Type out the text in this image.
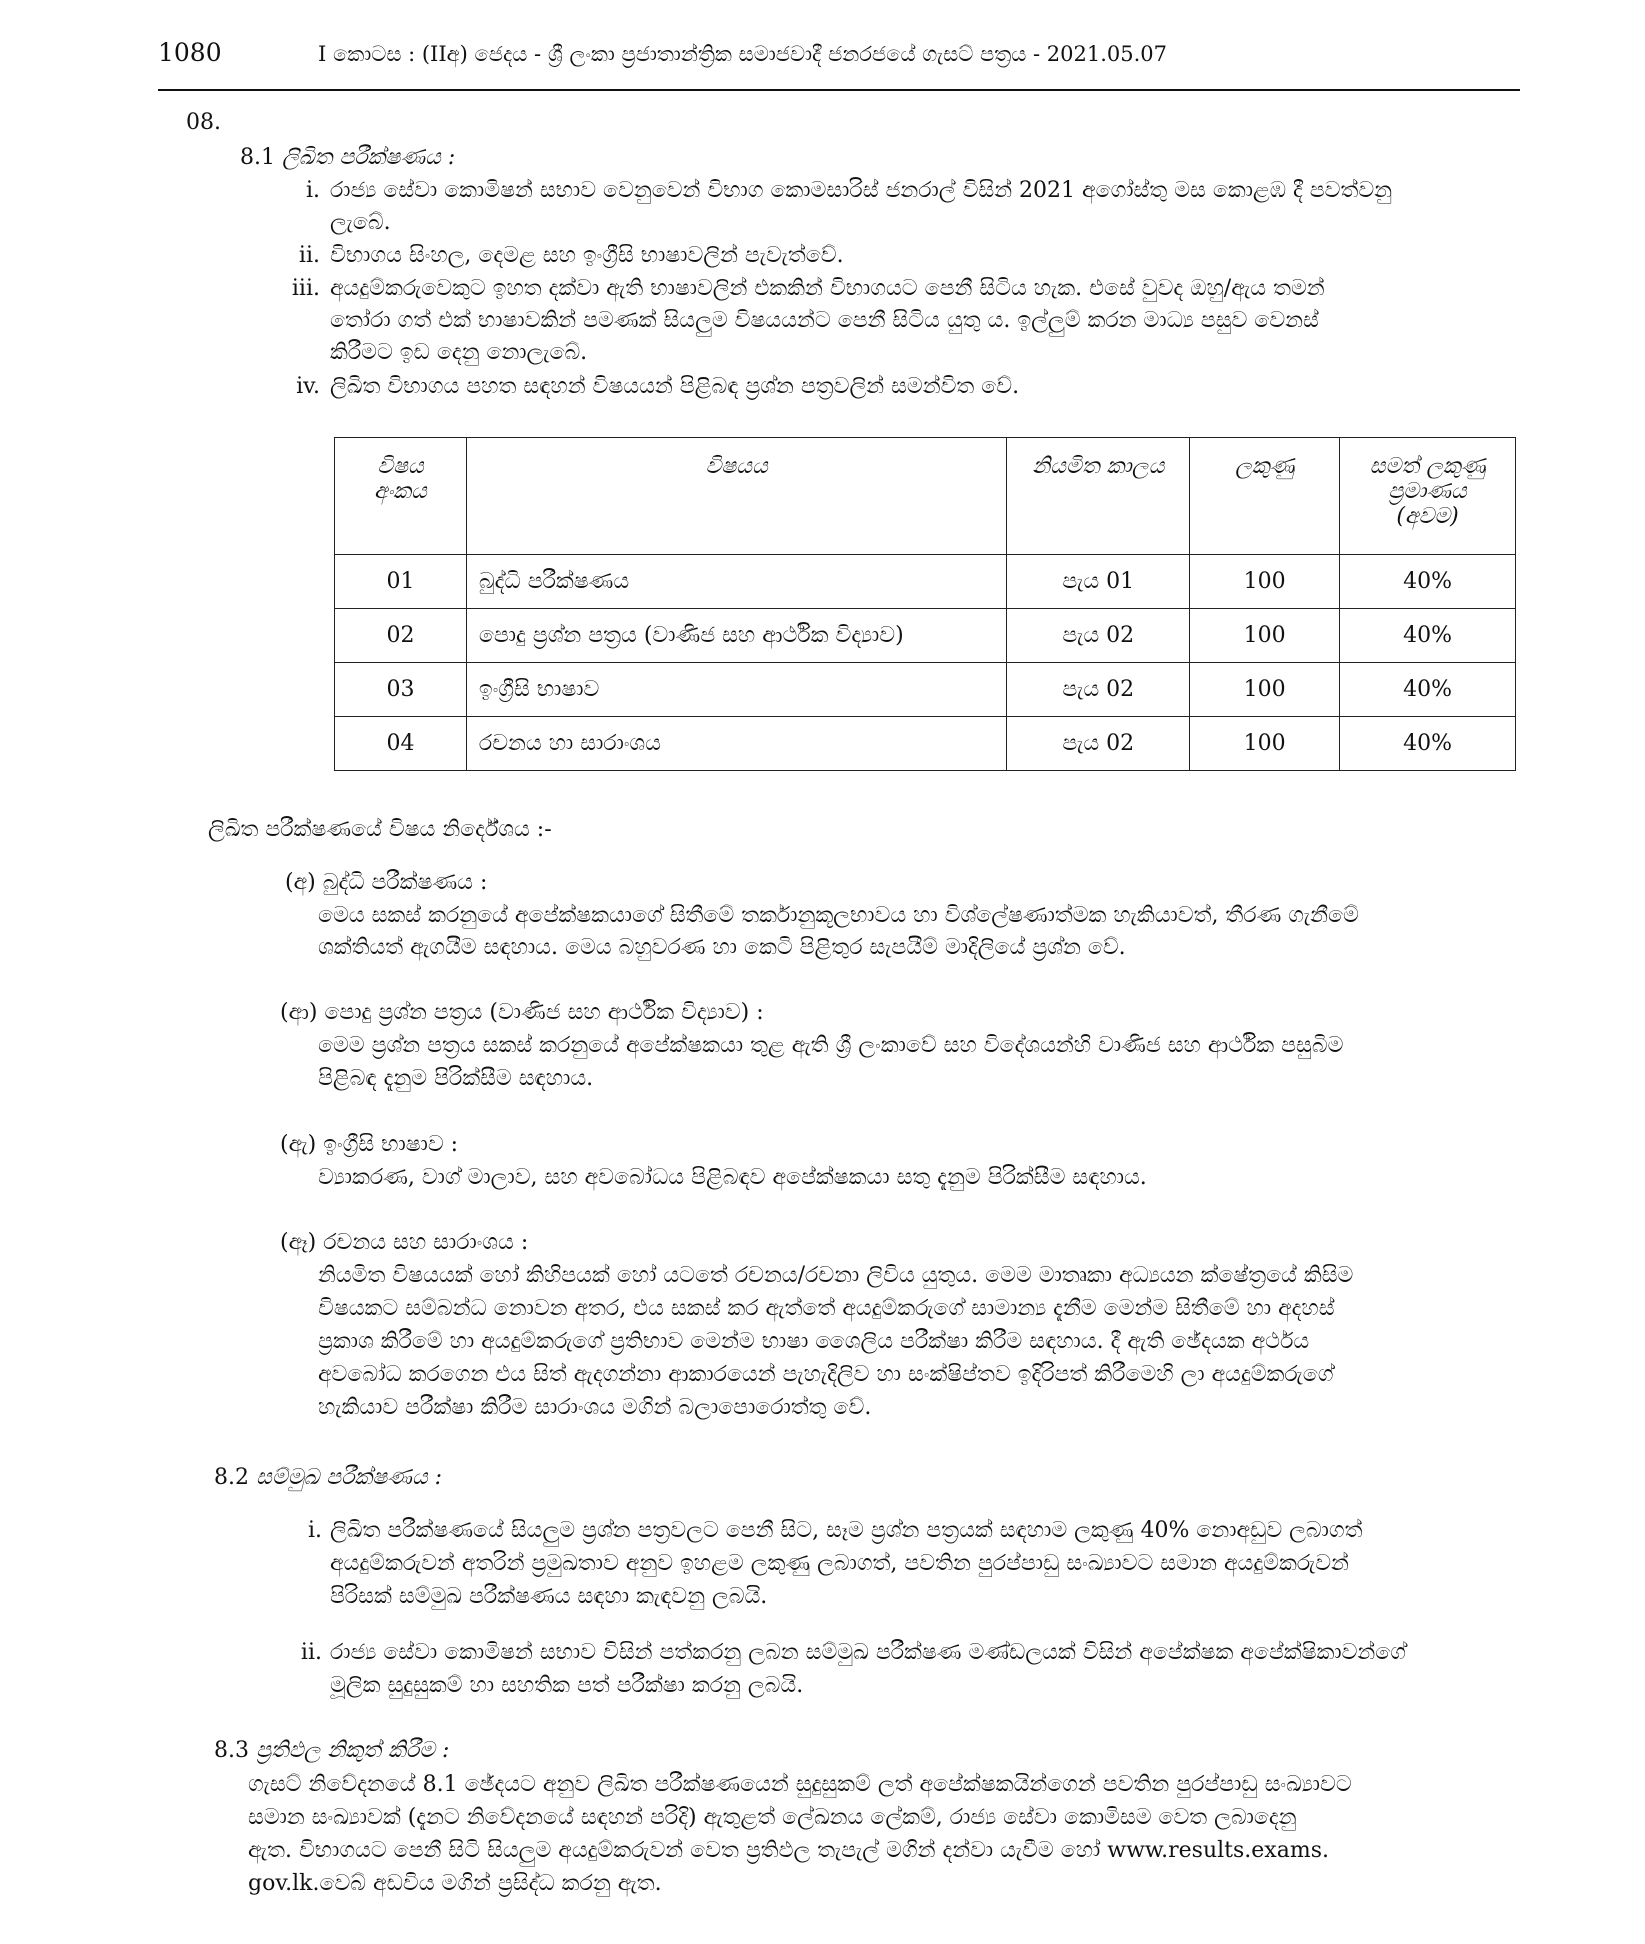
1080	I කොටස : (IIඅ) ජෙදය - ශ්‍රී ලංකා ප්‍රජාතාන්ත්‍රික සමාජවාදී ජනරජයේ ගැසට් පත්‍රය - 2021.05.07
08.
8.1 ලිඛිත පරීක්ෂණය :
i. රාජ්‍ය සේවා කොමිෂන් සභාව වෙනුවෙන් විභාග කොමසාරිස් ජනරාල් විසින් 2021 අගෝස්තු මස කොළඹ දී පවත්වනු
ලැබේ.
ii. විභාගය සිංහල, දෙමළ සහ ඉංග්‍රීසි භාෂාවලින් පැවැත්වේ.
iii. අයදුම්කරුවෙකුට ඉහත දක්වා ඇති භාෂාවලින් එකකින් විභාගයට පෙනී සිටිය හැක. එසේ වුවද ඔහු/ඇය තමන්
තෝරා ගත් එක් භාෂාවකින් පමණක් සියලුම විෂයයන්ට පෙනී සිටිය යුතු ය. ඉල්ලුම් කරන මාධ්‍ය පසුව වෙනස්
කිරීමට ඉඩ දෙනු නොලැබේ.
iv. ලිඛිත විභාගය පහත සඳහන් විෂයයන් පිළිබඳ ප්‍රශ්න පත්‍රවලින් සමන්විත වේ.
විෂය
අංකය	විෂයය	නියමිත කාලය	ලකුණු	සමත් ලකුණු
ප්‍රමාණය
(අවම)
01	බුද්ධි පරීක්ෂණය	පැය 01	100	40%
02	පොදු ප්‍රශ්න පත්‍රය (වාණිජ සහ ආර්ථික විද්‍යාව)	පැය 02	100	40%
03	ඉංග්‍රීසි භාෂාව	පැය 02	100	40%
04	රචනය හා සාරාංශය	පැය 02	100	40%
ලිඛිත පරීක්ෂණයේ විෂය නිර්දේශය :-
(අ) බුද්ධි පරීක්ෂණය :
මෙය සකස් කරනුයේ අපේක්ෂකයාගේ සිතීමේ තර්කානුකූලභාවය හා විශ්ලේෂණාත්මක හැකියාවත්, තීරණ ගැනීමේ
ශක්තියත් ඇගයීම සඳහාය. මෙය බහුවරණ හා කෙටි පිළිතුර සැපයීම් මාදිලියේ ප්‍රශ්න වේ.
(ආ) පොදු ප්‍රශ්න පත්‍රය (වාණිජ සහ ආර්ථික විද්‍යාව) :
මෙම ප්‍රශ්න පත්‍රය සකස් කරනුයේ අපේක්ෂකයා තුළ ඇති ශ්‍රී ලංකාවේ සහ විදේශයන්හි වාණිජ සහ ආර්ථික පසුබිම
පිළිබඳ දැනුම පිරික්සීම සඳහාය.
(ඇ) ඉංග්‍රීසි භාෂාව :
ව්‍යාකරණ, වාග් මාලාව, සහ අවබෝධය පිළිබඳව අපේක්ෂකයා සතු දැනුම පිරික්සීම සඳහාය.
(ඈ) රචනය සහ සාරාංශය :
නියමිත විෂයයක් හෝ කිහිපයක් හෝ යටතේ රචනය/රචනා ලිවිය යුතුය. මෙම මාතෘකා අධ්‍යයන ක්ෂේත්‍රයේ කිසිම
විෂයකට සම්බන්ධ නොවන අතර, එය සකස් කර ඇත්තේ අයදුම්කරුගේ සාමාන්‍ය දැනීම මෙන්ම සිතීමේ හා අදහස්
ප්‍රකාශ කිරීමේ හා අයදුම්කරුගේ ප්‍රතිභාව මෙන්ම භාෂා ශෛලිය පරීක්ෂා කිරීම සඳහාය. දී ඇති ඡේදයක අර්ථය
අවබෝධ කරගෙන එය සිත් ඇදගන්නා ආකාරයෙන් පැහැදිලිව හා සංක්ෂිප්තව ඉදිරිපත් කිරීමෙහි ලා අයදුම්කරුගේ
හැකියාව පරීක්ෂා කිරීම සාරාංශය මගින් බලාපොරොත්තු වේ.
8.2 සම්මුඛ පරීක්ෂණය :
i. ලිඛිත පරීක්ෂණයේ සියලුම ප්‍රශ්න පත්‍රවලට පෙනී සිට, සෑම ප්‍රශ්න පත්‍රයක් සඳහාම ලකුණු 40% නොඅඩුව ලබාගත්
අයදුම්කරුවන් අතරින් ප්‍රමුඛතාව අනුව ඉහළම ලකුණු ලබාගත්, පවතින පුරප්පාඩු සංඛ්‍යාවට සමාන අයදුම්කරුවන්
පිරිසක් සම්මුඛ පරීක්ෂණය සඳහා කැඳවනු ලබයි.
ii. රාජ්‍ය සේවා කොමිෂන් සභාව විසින් පත්කරනු ලබන සම්මුඛ පරීක්ෂණ මණ්ඩලයක් විසින් අපේක්ෂක අපේක්ෂිකාවන්ගේ
මූලික සුදුසුකම් හා සහතික පත් පරීක්ෂා කරනු ලබයි.
8.3 ප්‍රතිඵල නිකුත් කිරීම :
ගැසට් නිවේදනයේ 8.1 ඡේදයට අනුව ලිඛිත පරීක්ෂණයෙන් සුදුසුකම් ලත් අපේක්ෂකයින්ගෙන් පවතින පුරප්පාඩු සංඛ්‍යාවට
සමාන සංඛ්‍යාවක් (දැනට නිවේදනයේ සඳහන් පරිදි) ඇතුළත් ලේඛනය ලේකම්, රාජ්‍ය සේවා කොමිසම වෙත ලබාදෙනු
ඇත. විභාගයට පෙනී සිටි සියලුම අයදුම්කරුවන් වෙත ප්‍රතිඵල තැපැල් මගින් දන්වා යැවීම හෝ www.results.exams.
gov.lk.වෙබ් අඩවිය මගින් ප්‍රසිද්ධ කරනු ඇත.
